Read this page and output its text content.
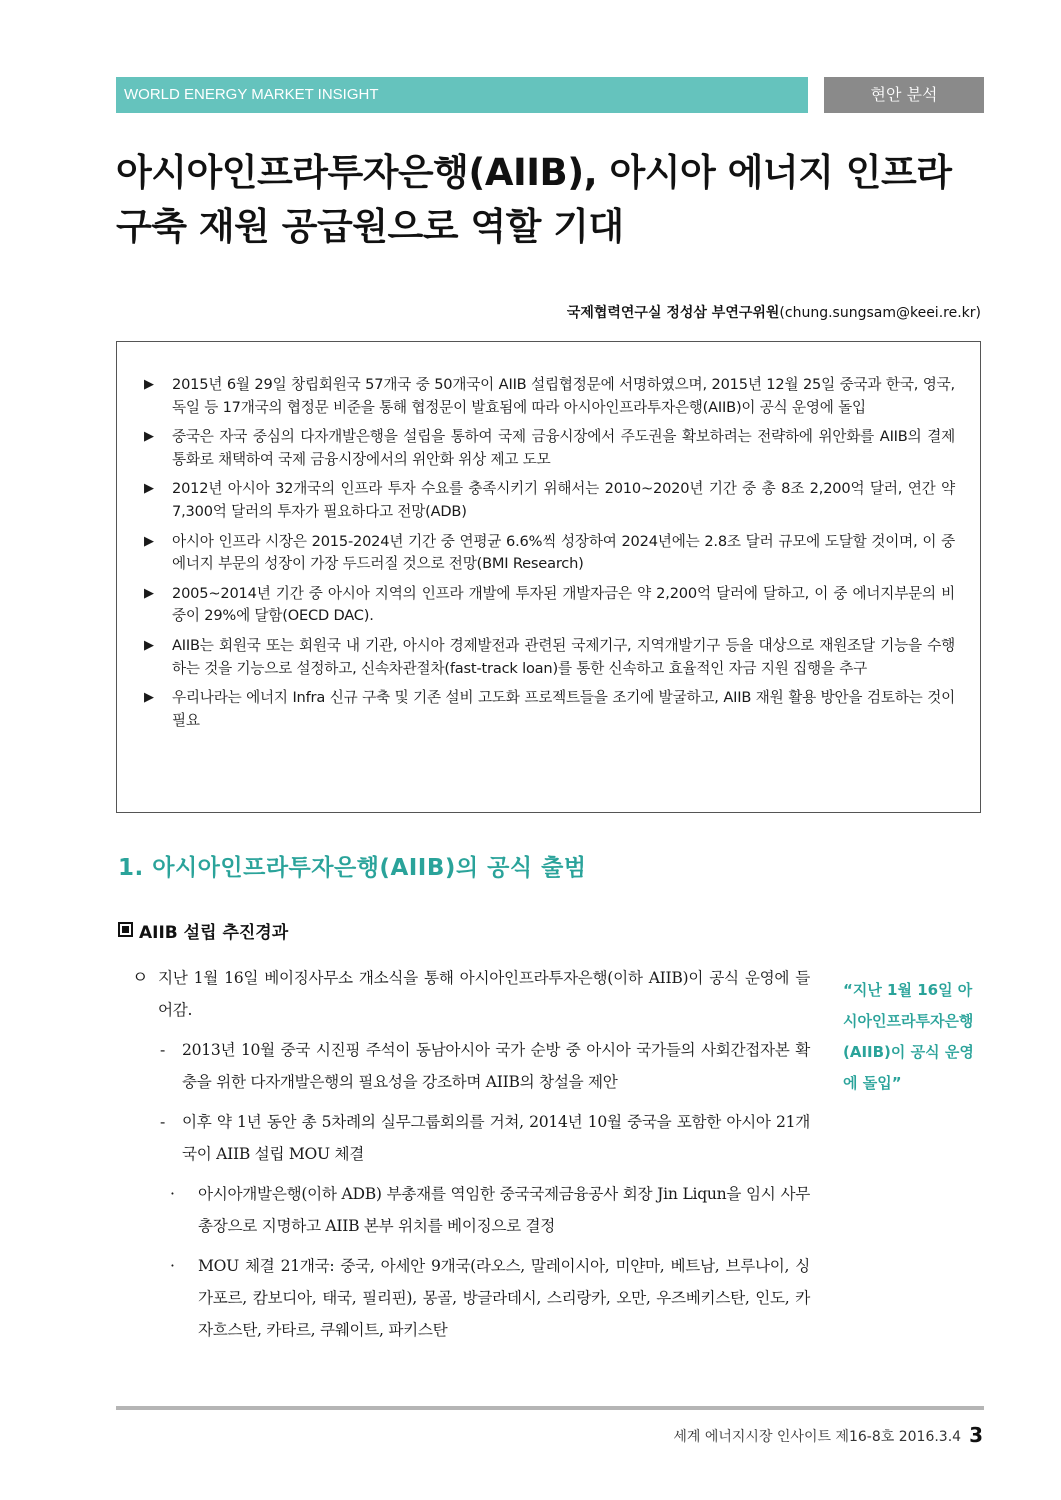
WORLD ENERGY MARKET INSIGHT	현안 분석
아시아인프라투자은행(AIIB), 아시아 에너지 인프라 구축 재원 공급원으로 역할 기대
국제협력연구실 정성삼 부연구위원(chung.sungsam@keei.re.kr)
▶ 2015년 6월 29일 창립회원국 57개국 중 50개국이 AIIB 설립협정문에 서명하였으며, 2015년 12월 25일 중국과 한국, 영국, 독일 등 17개국의 협정문 비준을 통해 협정문이 발효됨에 따라 아시아인프라투자은행(AIIB)이 공식 운영에 돌입
▶ 중국은 자국 중심의 다자개발은행을 설립을 통하여 국제 금융시장에서 주도권을 확보하려는 전략하에 위안화를 AIIB의 결제 통화로 채택하여 국제 금융시장에서의 위안화 위상 제고 도모
▶ 2012년 아시아 32개국의 인프라 투자 수요를 충족시키기 위해서는 2010~2020년 기간 중 총 8조 2,200억 달러, 연간 약 7,300억 달러의 투자가 필요하다고 전망(ADB)
▶ 아시아 인프라 시장은 2015-2024년 기간 중 연평균 6.6%씩 성장하여 2024년에는 2.8조 달러 규모에 도달할 것이며, 이 중 에너지 부문의 성장이 가장 두드러질 것으로 전망(BMI Research)
▶ 2005~2014년 기간 중 아시아 지역의 인프라 개발에 투자된 개발자금은 약 2,200억 달러에 달하고, 이 중 에너지부문의 비중이 29%에 달함(OECD DAC).
▶ AIIB는 회원국 또는 회원국 내 기관, 아시아 경제발전과 관련된 국제기구, 지역개발기구 등을 대상으로 재원조달 기능을 수행하는 것을 기능으로 설정하고, 신속차관절차(fast-track loan)를 통한 신속하고 효율적인 자금 지원 집행을 추구
▶ 우리나라는 에너지 Infra 신규 구축 및 기존 설비 고도화 프로젝트들을 조기에 발굴하고, AIIB 재원 활용 방안을 검토하는 것이 필요
1. 아시아인프라투자은행(AIIB)의 공식 출범
AIIB 설립 추진경과
ㅇ 지난 1월 16일 베이징사무소 개소식을 통해 아시아인프라투자은행(이하 AIIB)이 공식 운영에 들어감.
- 2013년 10월 중국 시진핑 주석이 동남아시아 국가 순방 중 아시아 국가들의 사회간접자본 확충을 위한 다자개발은행의 필요성을 강조하며 AIIB의 창설을 제안
- 이후 약 1년 동안 총 5차례의 실무그룹회의를 거쳐, 2014년 10월 중국을 포함한 아시아 21개국이 AIIB 설립 MOU 체결
· 아시아개발은행(이하 ADB) 부총재를 역임한 중국국제금융공사 회장 Jin Liqun을 임시 사무총장으로 지명하고 AIIB 본부 위치를 베이징으로 결정
· MOU 체결 21개국: 중국, 아세안 9개국(라오스, 말레이시아, 미얀마, 베트남, 브루나이, 싱가포르, 캄보디아, 태국, 필리핀), 몽골, 방글라데시, 스리랑카, 오만, 우즈베키스탄, 인도, 카자흐스탄, 카타르, 쿠웨이트, 파키스탄
“지난 1월 16일 아시아인프라투자은행(AIIB)이 공식 운영에 돌입”
세계 에너지시장 인사이트 제16-8호 2016.3.4 3
